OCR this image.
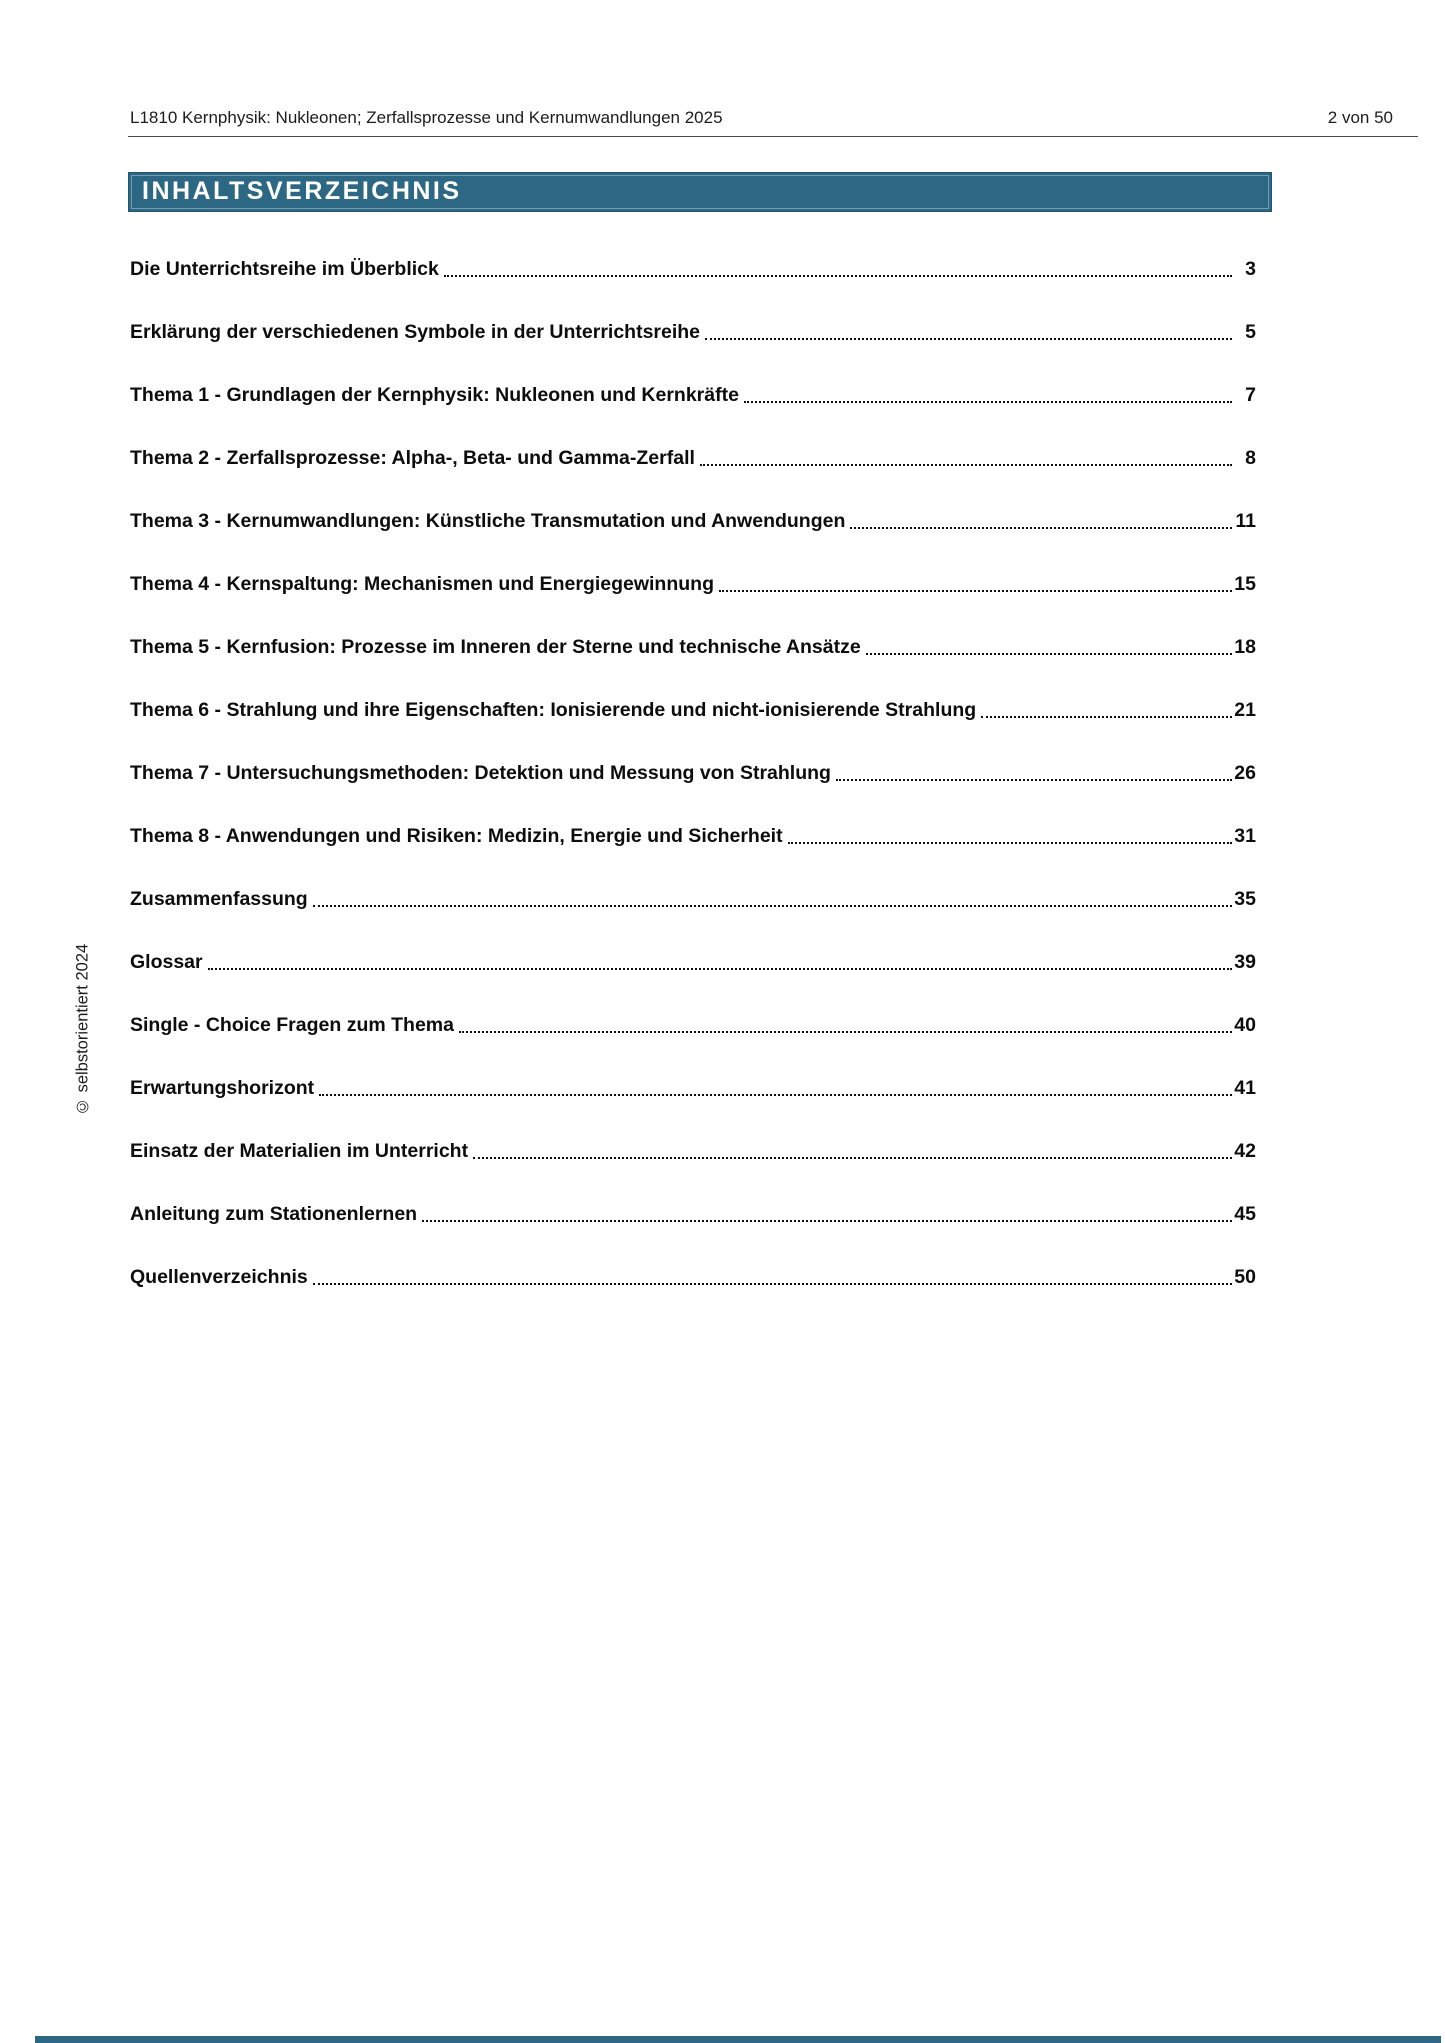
L1810 Kernphysik: Nukleonen; Zerfallsprozesse und Kernumwandlungen 2025	2 von 50
INHALTSVERZEICHNIS
Die Unterrichtsreihe im Überblick	3
Erklärung der verschiedenen Symbole in der Unterrichtsreihe	5
Thema 1 - Grundlagen der Kernphysik: Nukleonen und Kernkräfte	7
Thema 2 - Zerfallsprozesse: Alpha-, Beta- und Gamma-Zerfall	8
Thema 3 - Kernumwandlungen: Künstliche Transmutation und Anwendungen	11
Thema 4 - Kernspaltung: Mechanismen und Energiegewinnung	15
Thema 5 - Kernfusion: Prozesse im Inneren der Sterne und technische Ansätze	18
Thema 6 - Strahlung und ihre Eigenschaften: Ionisierende und nicht-ionisierende Strahlung	21
Thema 7 - Untersuchungsmethoden: Detektion und Messung von Strahlung	26
Thema 8 - Anwendungen und Risiken: Medizin, Energie und Sicherheit	31
Zusammenfassung	35
Glossar	39
Single - Choice Fragen zum Thema	40
Erwartungshorizont	41
Einsatz der Materialien im Unterricht	42
Anleitung zum Stationenlernen	45
Quellenverzeichnis	50
© selbstorientiert 2024
